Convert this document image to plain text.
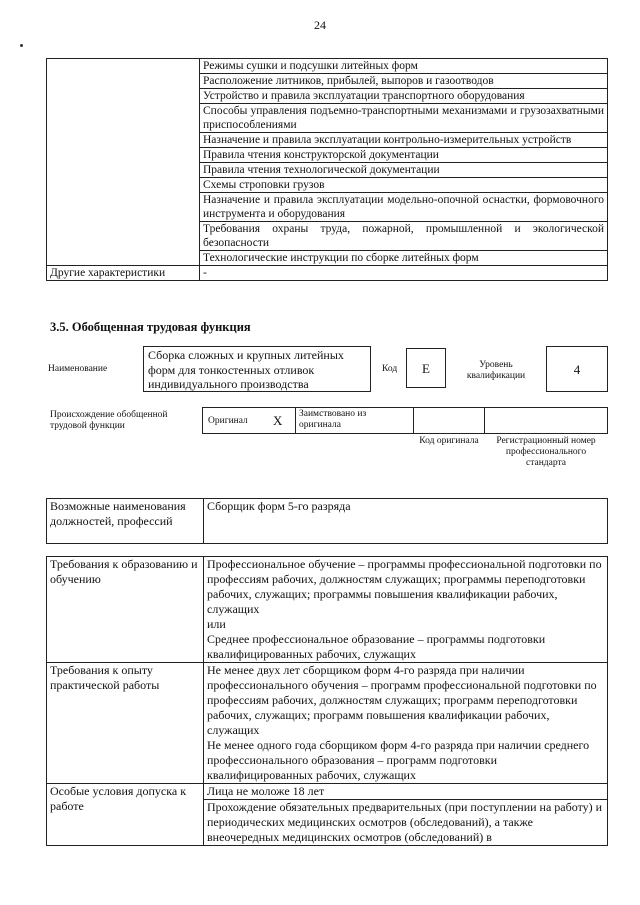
24
	Режимы сушки и подсушки литейных форм
	Расположение литников, прибылей, выпоров и газоотводов
	Устройство и правила эксплуатации транспортного оборудования
	Способы управления подъемно-транспортными механизмами и грузозахватными приспособлениями
	Назначение и правила эксплуатации контрольно-измерительных устройств
	Правила чтения конструкторской документации
	Правила чтения технологической документации
	Схемы строповки грузов
	Назначение и правила эксплуатации модельно-опочной оснастки, формовочного инструмента и оборудования
	Требования охраны труда, пожарной, промышленной и экологической безопасности
	Технологические инструкции по сборке литейных форм
Другие характеристики	-
3.5. Обобщенная трудовая функция
Наименование
Сборка сложных и крупных литейных форм для тонкостенных отливок индивидуального производства
Код	E	Уровень квалификации	4
Происхождение обобщенной трудовой функции	Оригинал X Заимствовано из оригинала
Код оригинала	Регистрационный номер профессионального стандарта
Возможные наименования должностей, профессий	Сборщик форм 5-го разряда
Требования к образованию и обучению	Профессиональное обучение – программы профессиональной подготовки по профессиям рабочих, должностям служащих; программы переподготовки рабочих, служащих; программы повышения квалификации рабочих, служащих
или
Среднее профессиональное образование – программы подготовки квалифицированных рабочих, служащих

Требования к опыту практической работы	Не менее двух лет сборщиком форм 4-го разряда при наличии профессионального обучения – программ профессиональной подготовки по профессиям рабочих, должностям служащих; программ переподготовки рабочих, служащих; программ повышения квалификации рабочих, служащих
Не менее одного года сборщиком форм 4-го разряда при наличии среднего профессионального образования – программ подготовки квалифицированных рабочих, служащих

Особые условия допуска к работе	Лица не моложе 18 лет
	Прохождение обязательных предварительных (при поступлении на работу) и периодических медицинских осмотров (обследований), а также внеочередных медицинских осмотров (обследований) в
